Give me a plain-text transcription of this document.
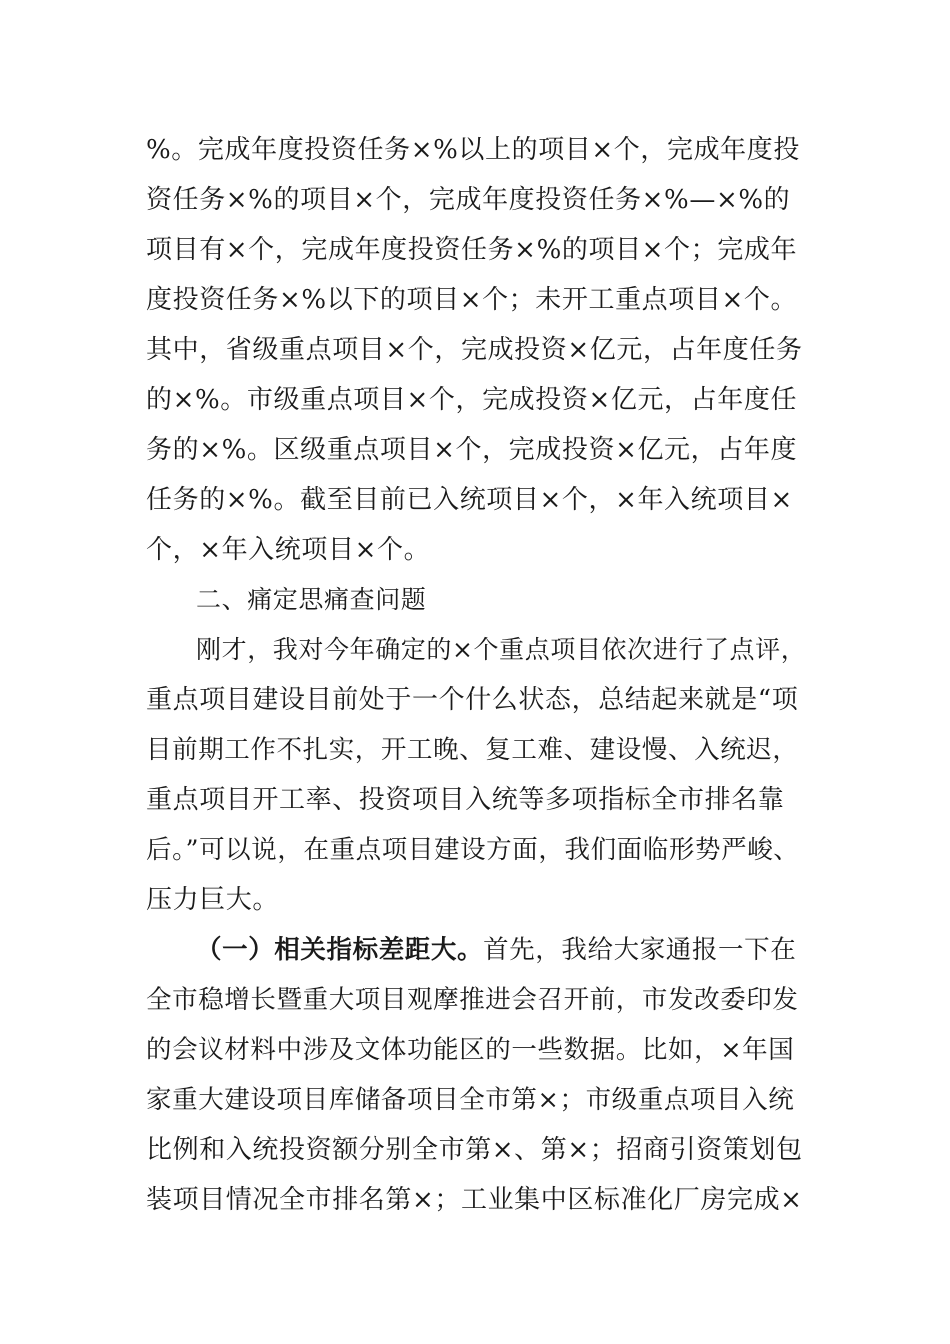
%。完成年度投资任务×%以上的项目×个，完成年度投
资任务×%的项目×个，完成年度投资任务×%—×%的
项目有×个，完成年度投资任务×%的项目×个；完成年
度投资任务×%以下的项目×个；未开工重点项目×个。
其中，省级重点项目×个，完成投资×亿元，占年度任务
的×%。市级重点项目×个，完成投资×亿元，占年度任
务的×%。区级重点项目×个，完成投资×亿元，占年度
任务的×%。截至目前已入统项目×个，×年入统项目×
个，×年入统项目×个。
二、痛定思痛查问题
刚才，我对今年确定的×个重点项目依次进行了点评，
重点项目建设目前处于一个什么状态，总结起来就是“项
目前期工作不扎实，开工晚、复工难、建设慢、入统迟，
重点项目开工率、投资项目入统等多项指标全市排名靠
后。”可以说，在重点项目建设方面，我们面临形势严峻、
压力巨大。
（一）相关指标差距大。首先，我给大家通报一下在
全市稳增长暨重大项目观摩推进会召开前，市发改委印发
的会议材料中涉及文体功能区的一些数据。比如，×年国
家重大建设项目库储备项目全市第×；市级重点项目入统
比例和入统投资额分别全市第×、第×；招商引资策划包
装项目情况全市排名第×；工业集中区标准化厂房完成×
